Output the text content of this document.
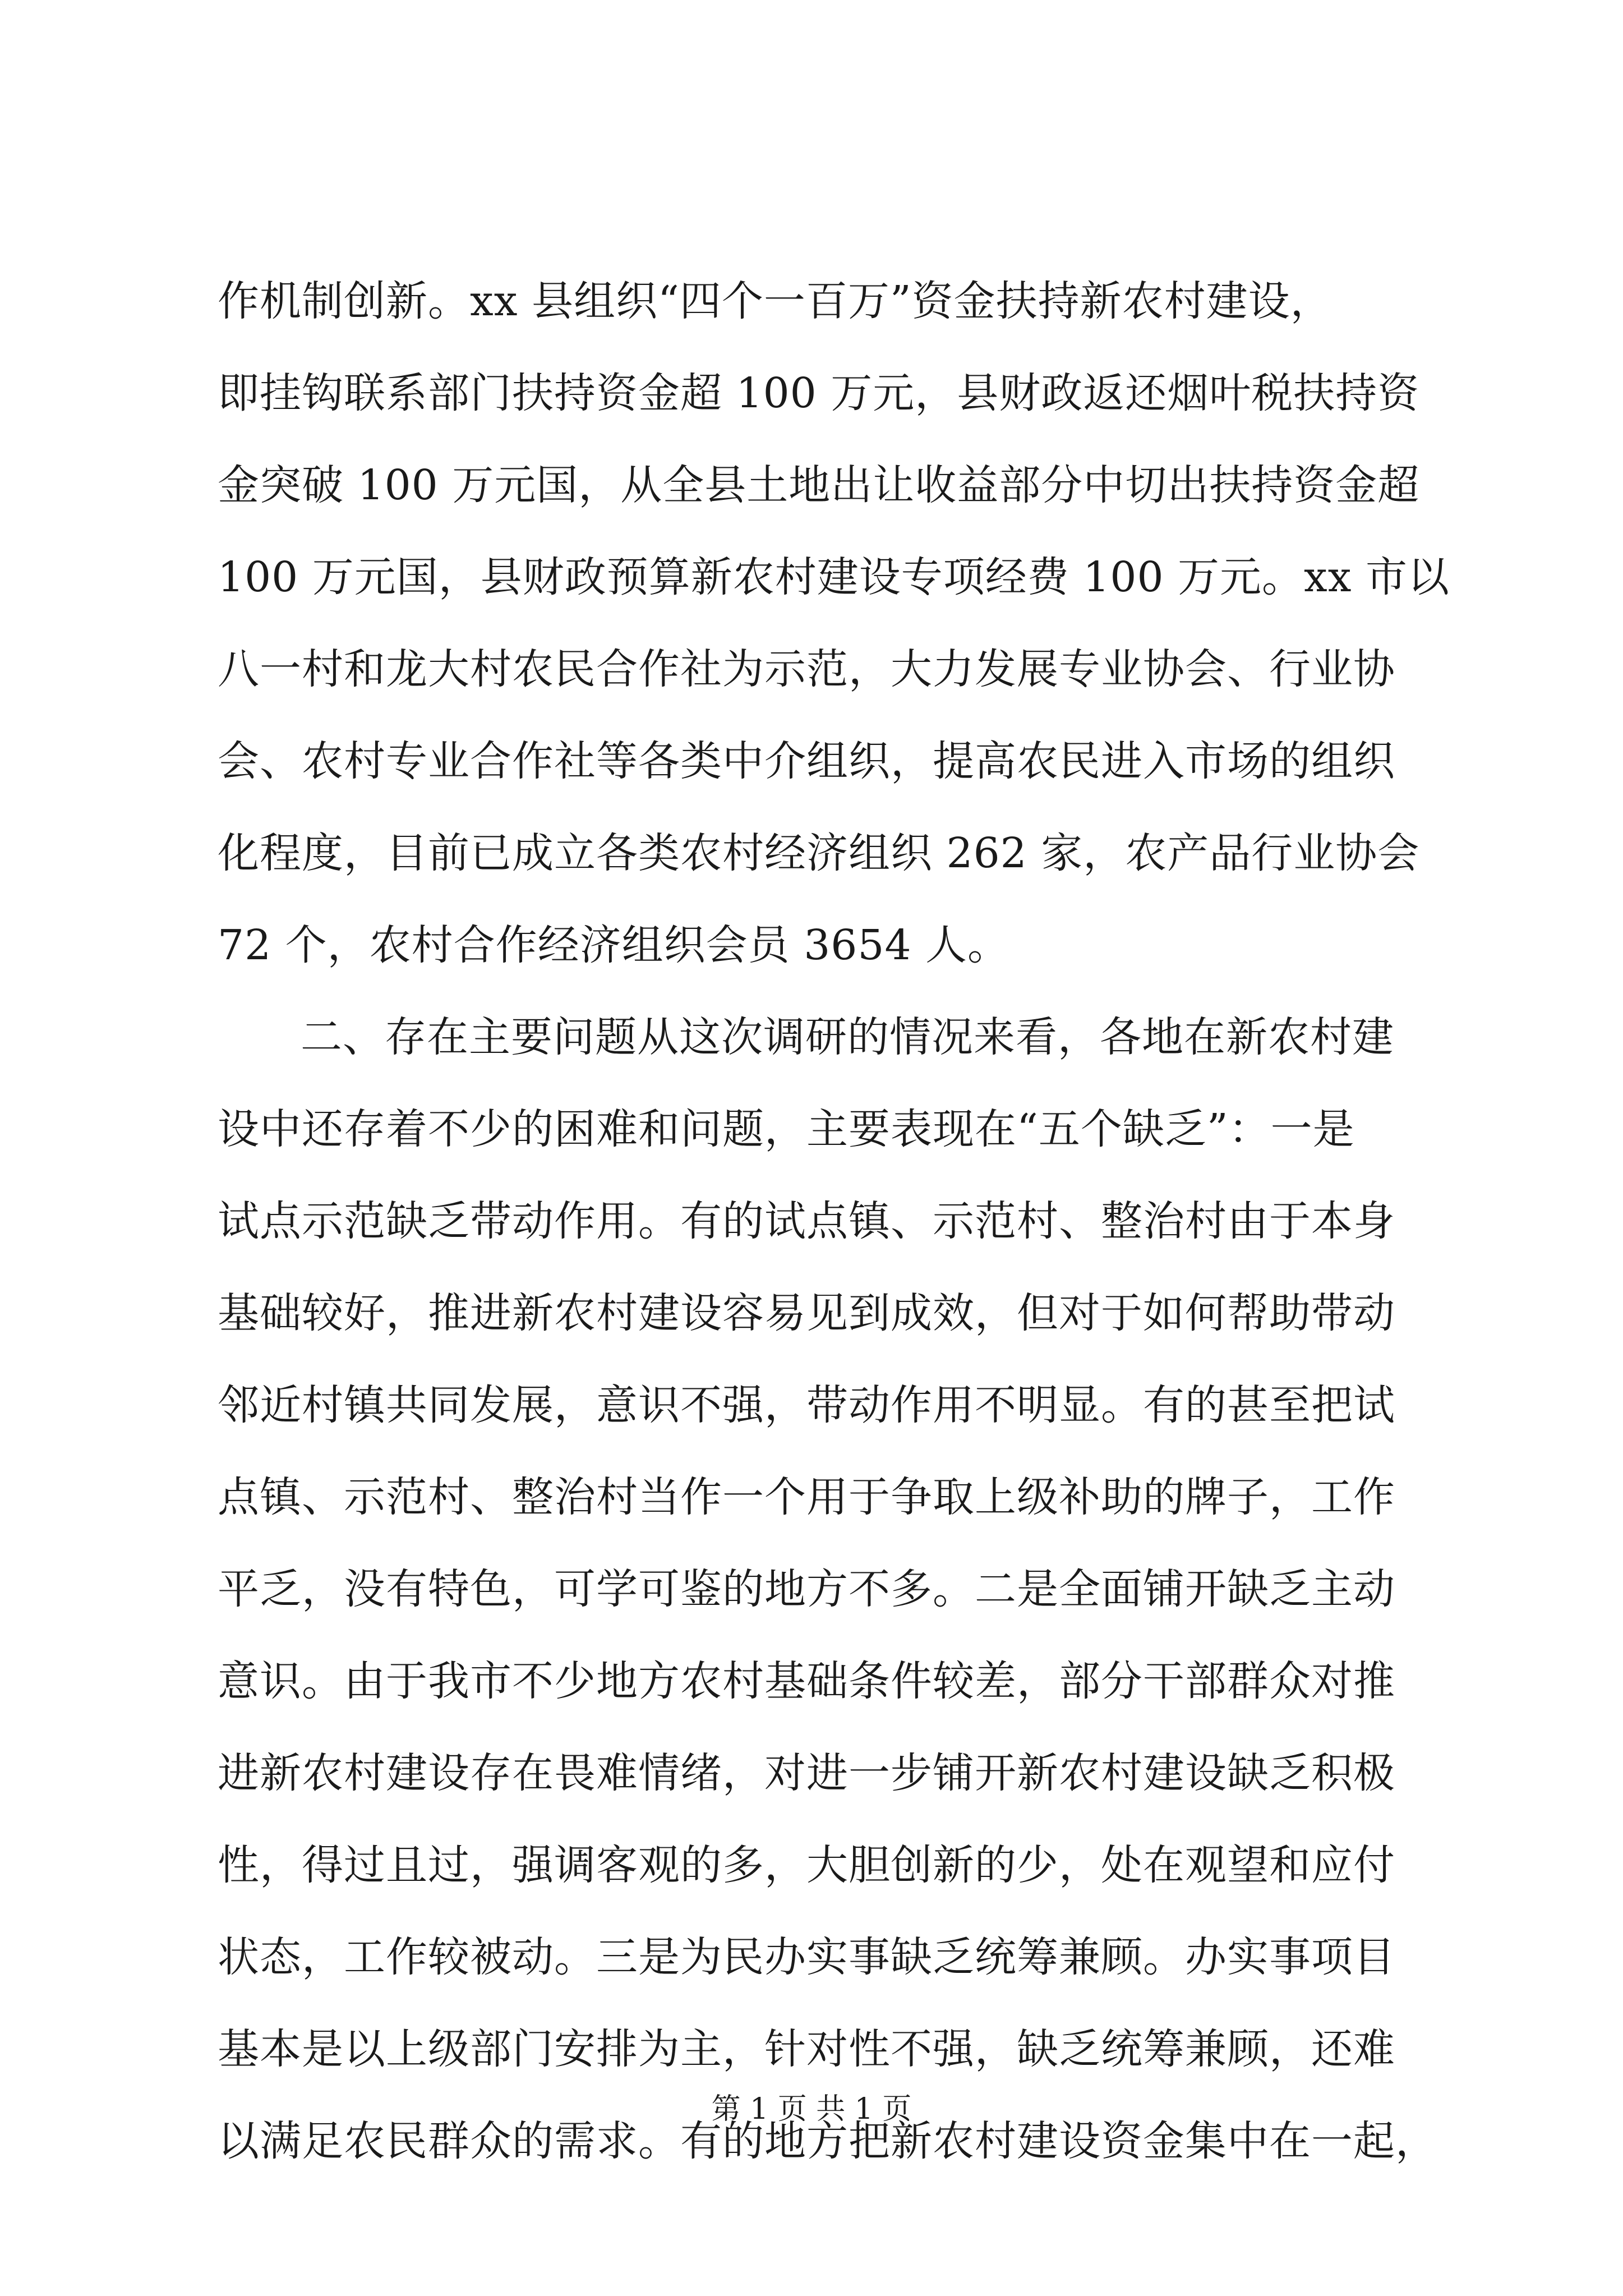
作机制创新。xx 县组织“四个一百万”资金扶持新农村建设，
即挂钩联系部门扶持资金超 100 万元，县财政返还烟叶税扶持资
金突破 100 万元国，从全县土地出让收益部分中切出扶持资金超
100 万元国，县财政预算新农村建设专项经费 100 万元。xx 市以
八一村和龙大村农民合作社为示范，大力发展专业协会、行业协
会、农村专业合作社等各类中介组织，提高农民进入市场的组织
化程度，目前已成立各类农村经济组织 262 家，农产品行业协会
72 个，农村合作经济组织会员 3654 人。
二、存在主要问题从这次调研的情况来看，各地在新农村建
设中还存着不少的困难和问题，主要表现在“五个缺乏”：一是
试点示范缺乏带动作用。有的试点镇、示范村、整治村由于本身
基础较好，推进新农村建设容易见到成效，但对于如何帮助带动
邻近村镇共同发展，意识不强，带动作用不明显。有的甚至把试
点镇、示范村、整治村当作一个用于争取上级补助的牌子，工作
平乏，没有特色，可学可鉴的地方不多。二是全面铺开缺乏主动
意识。由于我市不少地方农村基础条件较差，部分干部群众对推
进新农村建设存在畏难情绪，对进一步铺开新农村建设缺乏积极
性，得过且过，强调客观的多，大胆创新的少，处在观望和应付
状态，工作较被动。三是为民办实事缺乏统筹兼顾。办实事项目
基本是以上级部门安排为主，针对性不强，缺乏统筹兼顾，还难
以满足农民群众的需求。有的地方把新农村建设资金集中在一起，
第 1 页 共 1 页
